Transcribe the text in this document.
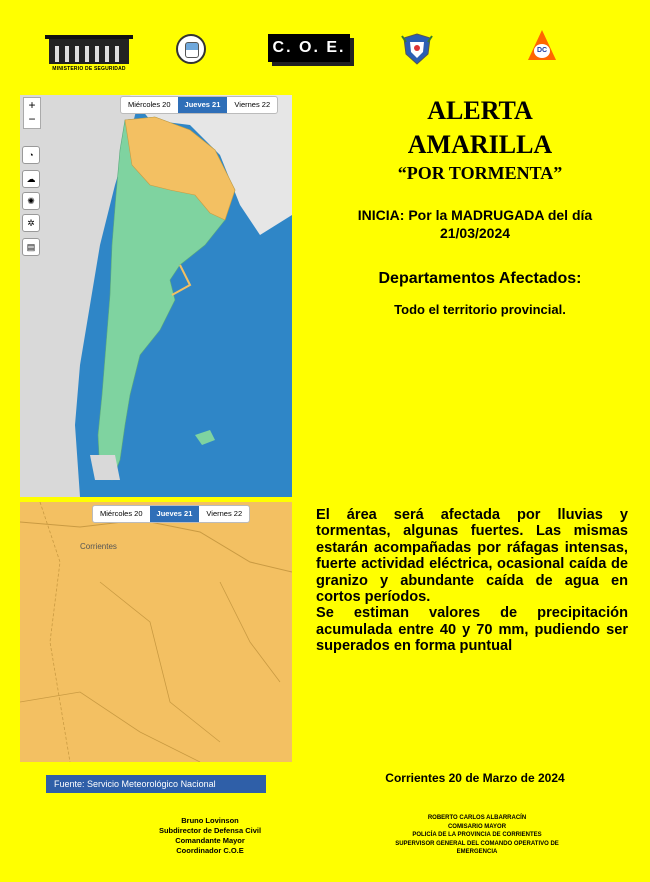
MINISTERIO DE SEGURIDAD
C. O. E.	DC
+
−
◔
☁
✺
✲
▤
Miércoles 20	Jueves 21	Viernes 22
Corrientes
Miércoles 20	Jueves 21	Viernes 22
ALERTA
AMARILLA
“POR TORMENTA”
INICIA: Por la MADRUGADA del día
21/03/2024
Departamentos Afectados:
Todo el territorio provincial.

El área será afectada por lluvias y tormentas, algunas fuertes. Las mismas estarán acompañadas por ráfagas intensas, fuerte actividad eléctrica, ocasional caída de granizo y abundante caída de agua en cortos períodos.

Se estiman valores de precipitación acumulada entre 40 y 70 mm, pudiendo ser superados en forma puntual

Fuente: Servicio Meteorológico Nacional	Corrientes 20 de Marzo de 2024
Bruno Lovinson
Subdirector de Defensa Civil
Comandante Mayor
Coordinador C.O.E
ROBERTO CARLOS ALBARRACÍN
COMISARIO MAYOR
POLICÍA DE LA PROVINCIA DE CORRIENTES
SUPERVISOR GENERAL DEL COMANDO OPERATIVO DE
EMERGENCIA
